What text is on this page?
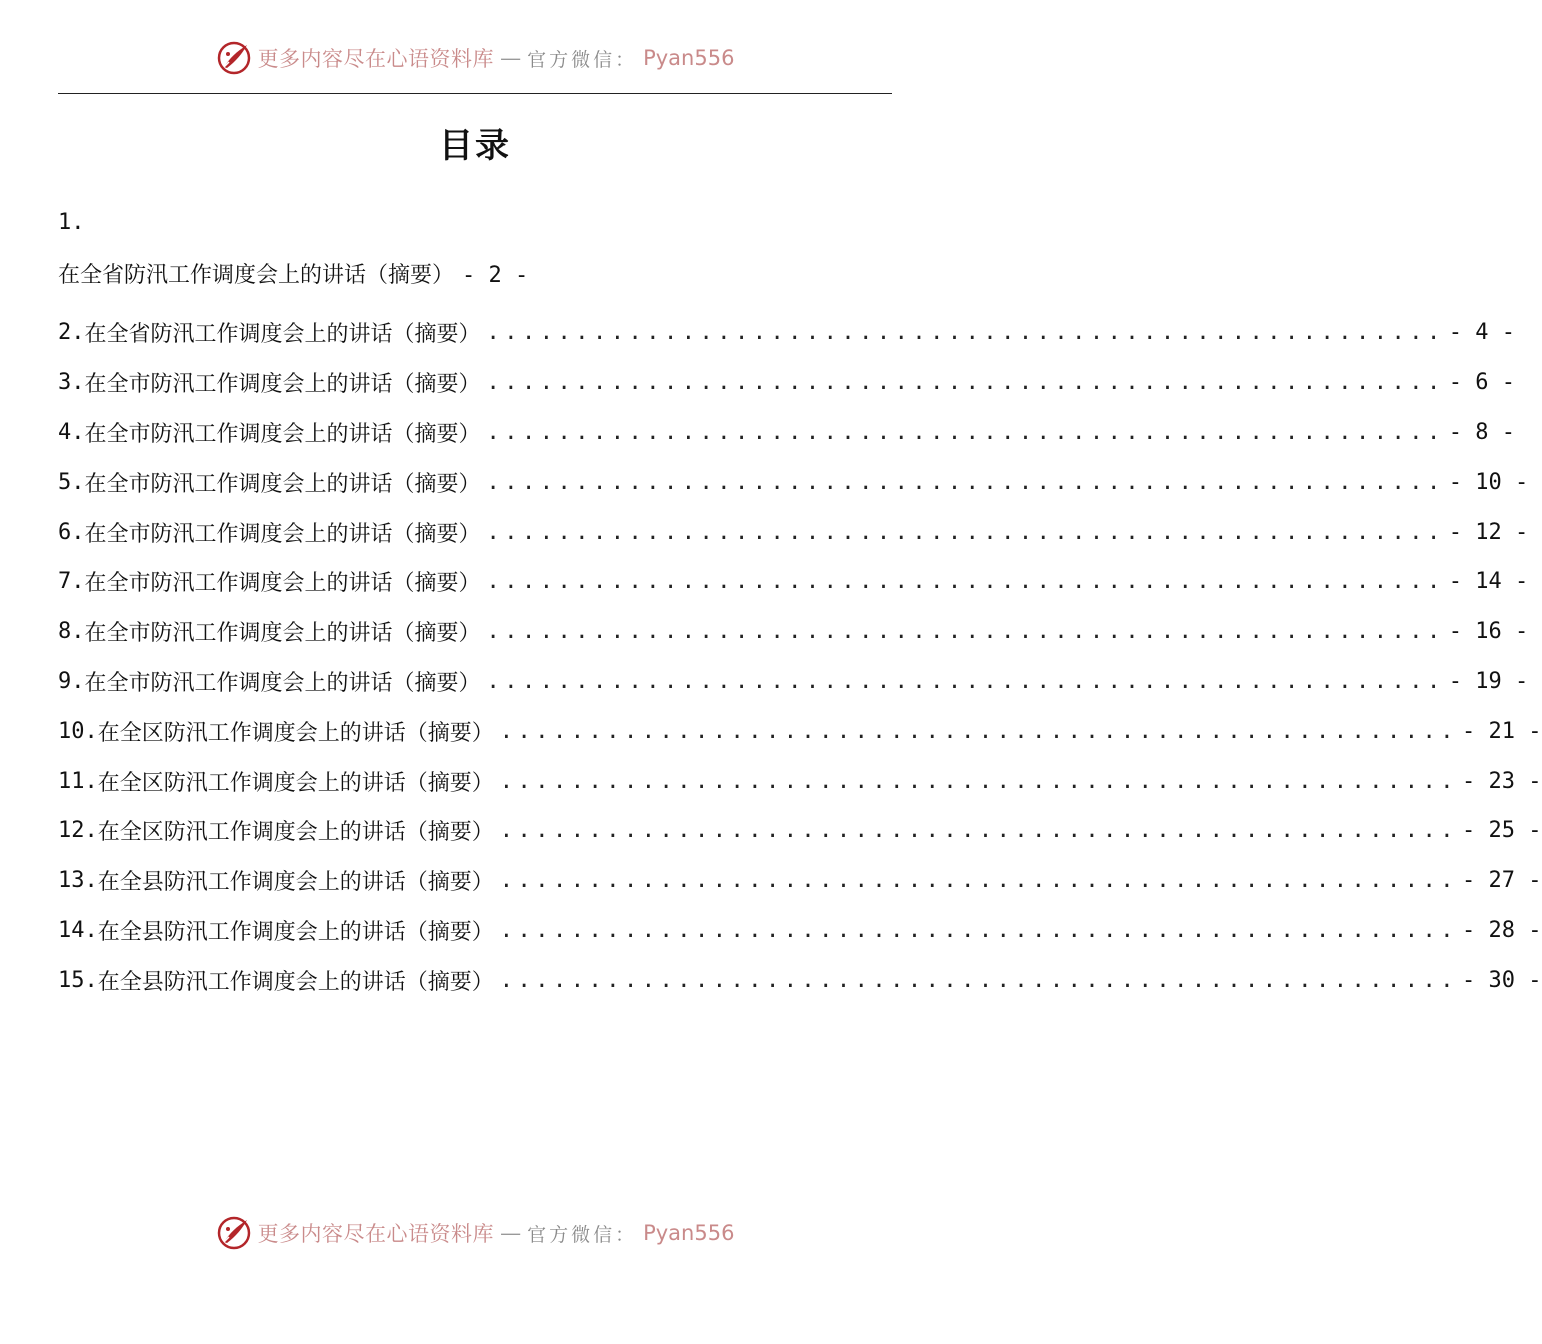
更多内容尽在心语资料库 — 官方微信： Pyan556
目录
1.
在全省防汛工作调度会上的讲话（摘要） - 2 -
2. 在全省防汛工作调度会上的讲话（摘要） ...................................................... - 4 -
3. 在全市防汛工作调度会上的讲话（摘要） ...................................................... - 6 -
4. 在全市防汛工作调度会上的讲话（摘要） ...................................................... - 8 -
5. 在全市防汛工作调度会上的讲话（摘要） ...................................................... - 10 -
6. 在全市防汛工作调度会上的讲话（摘要） ...................................................... - 12 -
7. 在全市防汛工作调度会上的讲话（摘要） ...................................................... - 14 -
8. 在全市防汛工作调度会上的讲话（摘要） ...................................................... - 16 -
9. 在全市防汛工作调度会上的讲话（摘要） ...................................................... - 19 -
10. 在全区防汛工作调度会上的讲话（摘要） ...................................................... - 21 -
11. 在全区防汛工作调度会上的讲话（摘要） ...................................................... - 23 -
12. 在全区防汛工作调度会上的讲话（摘要） ...................................................... - 25 -
13. 在全县防汛工作调度会上的讲话（摘要） ...................................................... - 27 -
14. 在全县防汛工作调度会上的讲话（摘要） ...................................................... - 28 -
15. 在全县防汛工作调度会上的讲话（摘要） ...................................................... - 30 -
更多内容尽在心语资料库 — 官方微信： Pyan556
